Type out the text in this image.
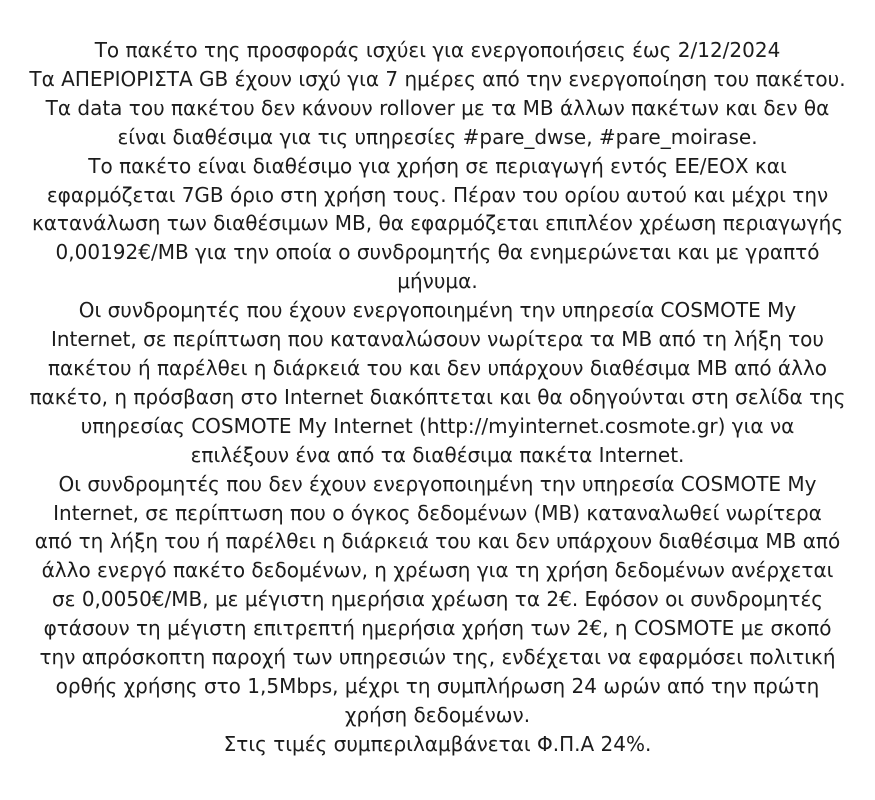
Το πακέτο της προσφοράς ισχύει για ενεργοποιήσεις έως 2/12/2024
Τα ΑΠΕΡΙΟΡΙΣΤΑ GB έχουν ισχύ για 7 ημέρες από την ενεργοποίηση του πακέτου.
Τα data του πακέτου δεν κάνουν rollover με τα MB άλλων πακέτων και δεν θα
είναι διαθέσιμα για τις υπηρεσίες #pare_dwse, #pare_moirase.
Το πακέτο είναι διαθέσιμο για χρήση σε περιαγωγή εντός ΕΕ/ΕΟΧ και
εφαρμόζεται 7GB όριο στη χρήση τους. Πέραν του ορίου αυτού και μέχρι την
κατανάλωση των διαθέσιμων MB, θα εφαρμόζεται επιπλέον χρέωση περιαγωγής
0,00192€/MB για την οποία ο συνδρομητής θα ενημερώνεται και με γραπτό
μήνυμα.
Οι συνδρομητές που έχουν ενεργοποιημένη την υπηρεσία COSMOTE My
Internet, σε περίπτωση που καταναλώσουν νωρίτερα τα MB από τη λήξη του
πακέτου ή παρέλθει η διάρκειά του και δεν υπάρχουν διαθέσιμα MB από άλλο
πακέτο, η πρόσβαση στο Internet διακόπτεται και θα οδηγούνται στη σελίδα της
υπηρεσίας COSMOTE My Internet (http://myinternet.cosmote.gr) για να
επιλέξουν ένα από τα διαθέσιμα πακέτα Internet.
Οι συνδρομητές που δεν έχουν ενεργοποιημένη την υπηρεσία COSMOTE My
Internet, σε περίπτωση που ο όγκος δεδομένων (MB) καταναλωθεί νωρίτερα
από τη λήξη του ή παρέλθει η διάρκειά του και δεν υπάρχουν διαθέσιμα MB από
άλλο ενεργό πακέτο δεδομένων, η χρέωση για τη χρήση δεδομένων ανέρχεται
σε 0,0050€/MB, με μέγιστη ημερήσια χρέωση τα 2€. Εφόσον οι συνδρομητές
φτάσουν τη μέγιστη επιτρεπτή ημερήσια χρήση των 2€, η COSMOTE με σκοπό
την απρόσκοπτη παροχή των υπηρεσιών της, ενδέχεται να εφαρμόσει πολιτική
ορθής χρήσης στο 1,5Mbps, μέχρι τη συμπλήρωση 24 ωρών από την πρώτη
χρήση δεδομένων.
Στις τιμές συμπεριλαμβάνεται Φ.Π.Α 24%.
